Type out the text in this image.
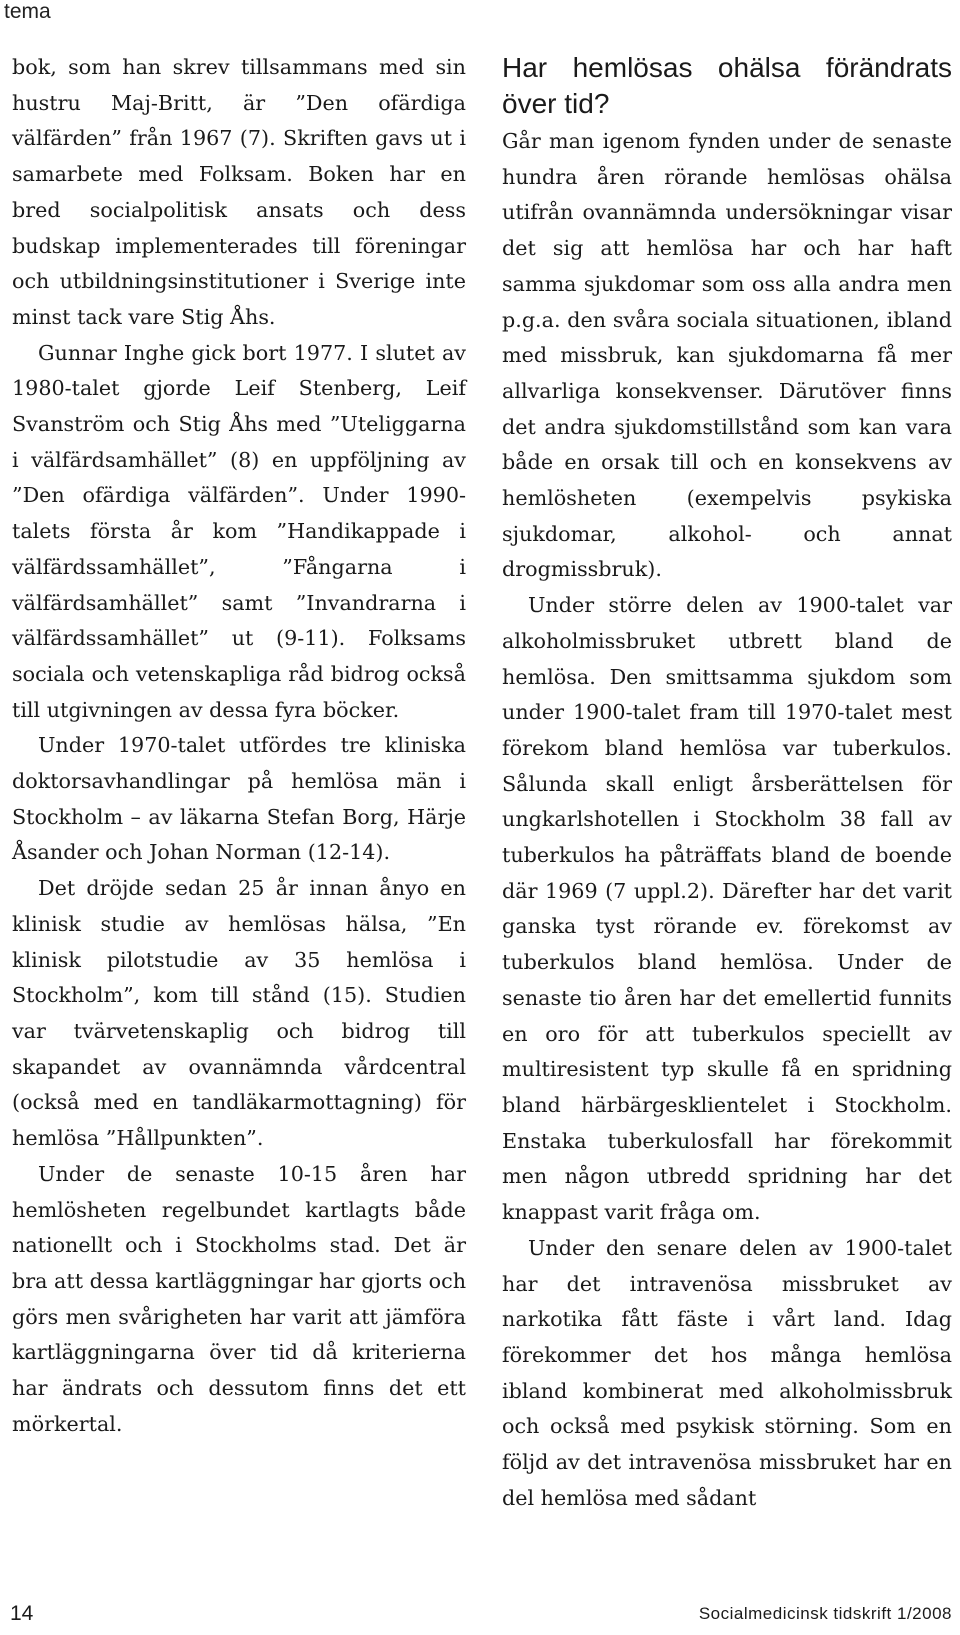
tema

bok, som han skrev tillsammans med sin hustru Maj-Britt, är ”Den ofärdiga välfärden” från 1967 (7). Skriften gavs ut i samarbete med Folksam. Boken har en bred socialpolitisk ansats och dess budskap implementerades till föreningar och utbildningsinstitutioner i Sverige inte minst tack vare Stig Åhs.

Gunnar Inghe gick bort 1977. I slutet av 1980-talet gjorde Leif Stenberg, Leif Svanström och Stig Åhs med ”Uteliggarna i välfärdsamhället” (8) en uppföljning av ”Den ofärdiga välfärden”. Under 1990-talets första år kom ”Handikappade i välfärdssamhället”, ”Fångarna i välfärdsamhället” samt ”Invandrarna i välfärdssamhället” ut (9-11). Folksams sociala och vetenskapliga råd bidrog också till utgivningen av dessa fyra böcker.

Under 1970-talet utfördes tre kliniska doktorsavhandlingar på hemlösa män i Stockholm – av läkarna Stefan Borg, Härje Åsander och Johan Norman (12-14).

Det dröjde sedan 25 år innan ånyo en klinisk studie av hemlösas hälsa, ”En klinisk pilotstudie av 35 hemlösa i Stockholm”, kom till stånd (15). Studien var tvärvetenskaplig och bidrog till skapandet av ovannämnda vårdcentral (också med en tandläkarmottagning) för hemlösa ”Hållpunkten”.

Under de senaste 10-15 åren har hemlösheten regelbundet kartlagts både nationellt och i Stockholms stad. Det är bra att dessa kartläggningar har gjorts och görs men svårigheten har varit att jämföra kartläggningarna över tid då kriterierna har ändrats och dessutom finns det ett mörkertal.

Har hemlösas ohälsa förändrats över tid?

Går man igenom fynden under de senaste hundra åren rörande hemlösas ohälsa utifrån ovannämnda undersökningar visar det sig att hemlösa har och har haft samma sjukdomar som oss alla andra men p.g.a. den svåra sociala situationen, ibland med missbruk, kan sjukdomarna få mer allvarliga konsekvenser. Därutöver finns det andra sjukdomstillstånd som kan vara både en orsak till och en konsekvens av hemlösheten (exempelvis psykiska sjukdomar, alkohol- och annat drogmissbruk).

Under större delen av 1900-talet var alkoholmissbruket utbrett bland de hemlösa. Den smittsamma sjukdom som under 1900-talet fram till 1970-talet mest förekom bland hemlösa var tuberkulos. Sålunda skall enligt årsberättelsen för ungkarlshotellen i Stockholm 38 fall av tuberkulos ha påträffats bland de boende där 1969 (7 uppl.2). Därefter har det varit ganska tyst rörande ev. förekomst av tuberkulos bland hemlösa. Under de senaste tio åren har det emellertid funnits en oro för att tuberkulos speciellt av multiresistent typ skulle få en spridning bland härbärgesklientelet i Stockholm. Enstaka tuberkulosfall har förekommit men någon utbredd spridning har det knappast varit fråga om.

Under den senare delen av 1900-talet har det intravenösa missbruket av narkotika fått fäste i vårt land. Idag förekommer det hos många hemlösa ibland kombinerat med alkoholmissbruk och också med psykisk störning. Som en följd av det intravenösa missbruket har en del hemlösa med sådant

14	Socialmedicinsk tidskrift 1/2008
